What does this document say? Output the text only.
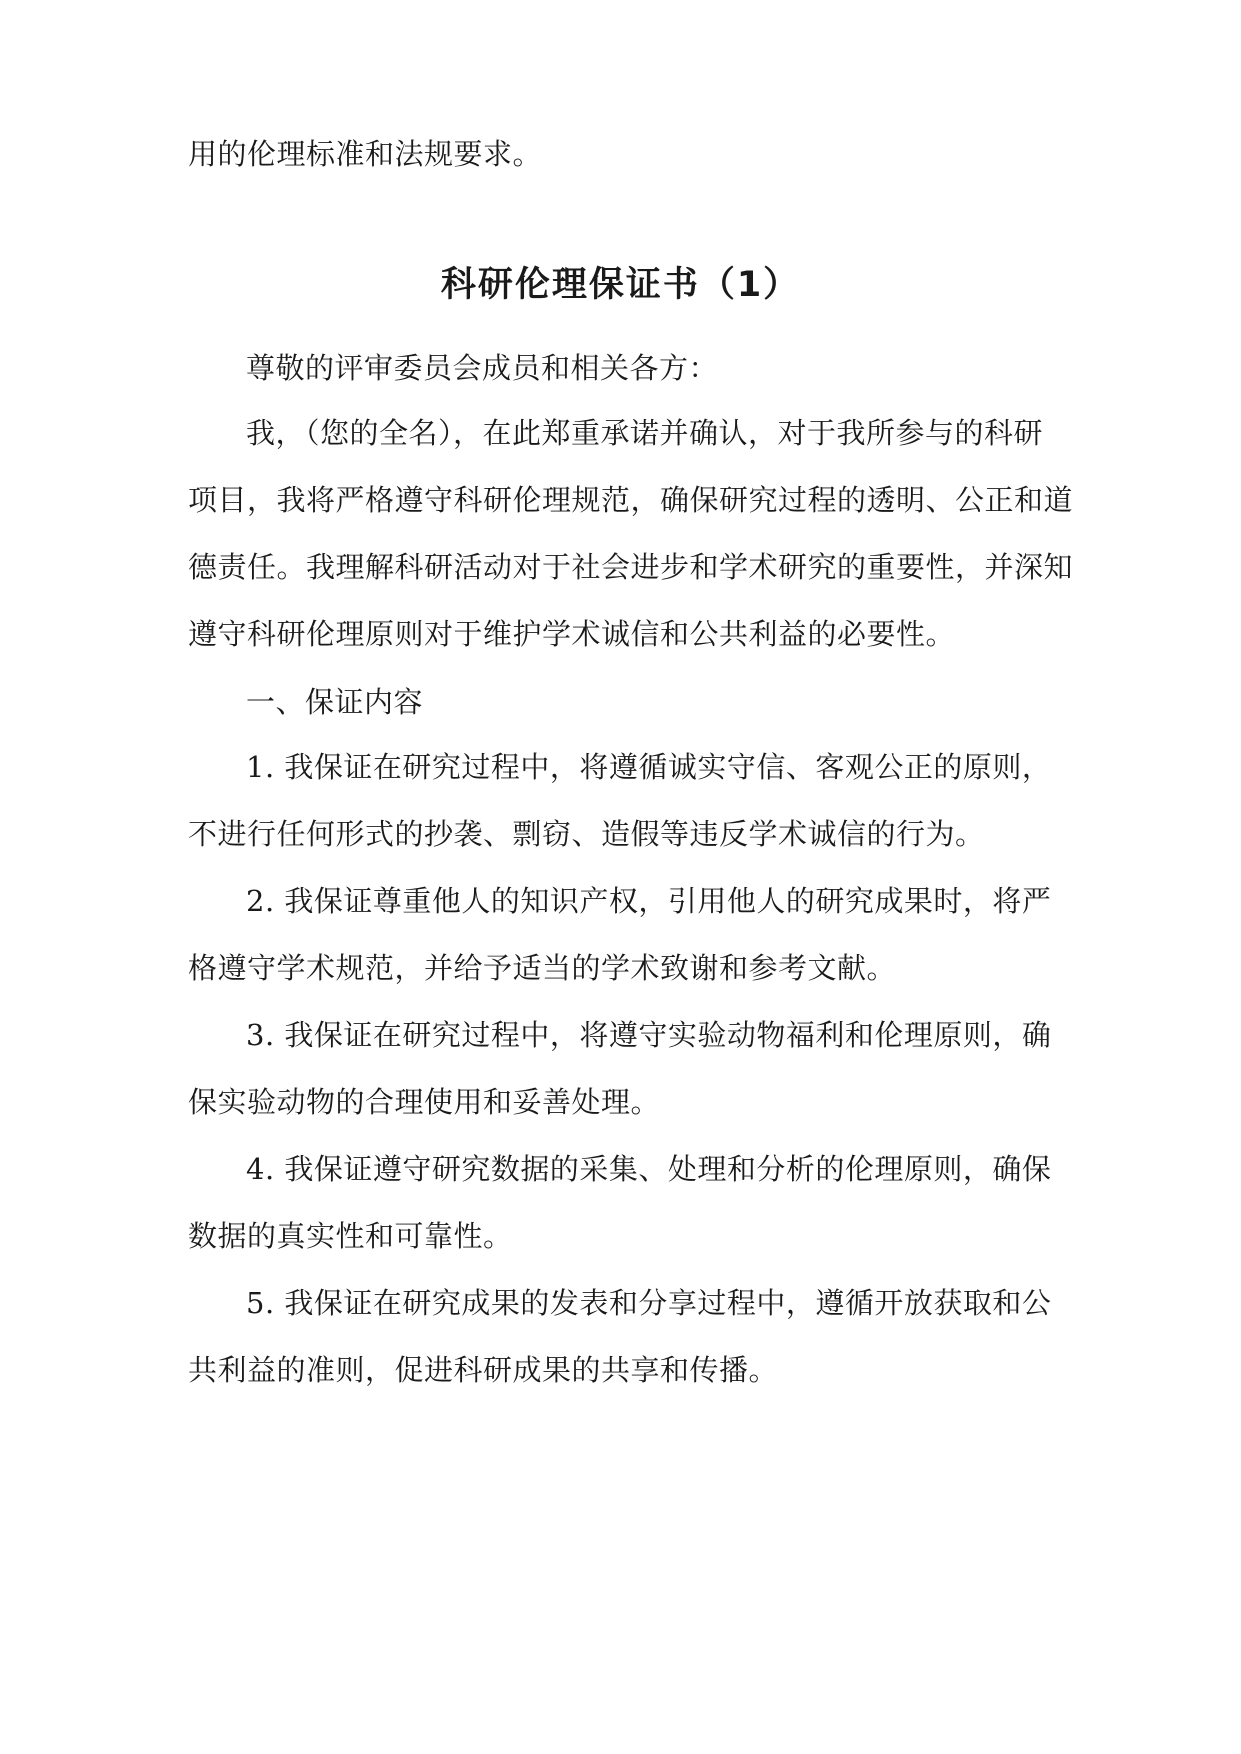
用的伦理标准和法规要求。
科研伦理保证书（1）
尊敬的评审委员会成员和相关各方：
我，（您的全名），在此郑重承诺并确认，对于我所参与的科研
项目，我将严格遵守科研伦理规范，确保研究过程的透明、公正和道
德责任。我理解科研活动对于社会进步和学术研究的重要性，并深知
遵守科研伦理原则对于维护学术诚信和公共利益的必要性。
一、保证内容
1. 我保证在研究过程中，将遵循诚实守信、客观公正的原则，
不进行任何形式的抄袭、剽窃、造假等违反学术诚信的行为。
2. 我保证尊重他人的知识产权，引用他人的研究成果时，将严
格遵守学术规范，并给予适当的学术致谢和参考文献。
3. 我保证在研究过程中，将遵守实验动物福利和伦理原则，确
保实验动物的合理使用和妥善处理。
4. 我保证遵守研究数据的采集、处理和分析的伦理原则，确保
数据的真实性和可靠性。
5. 我保证在研究成果的发表和分享过程中，遵循开放获取和公
共利益的准则，促进科研成果的共享和传播。
